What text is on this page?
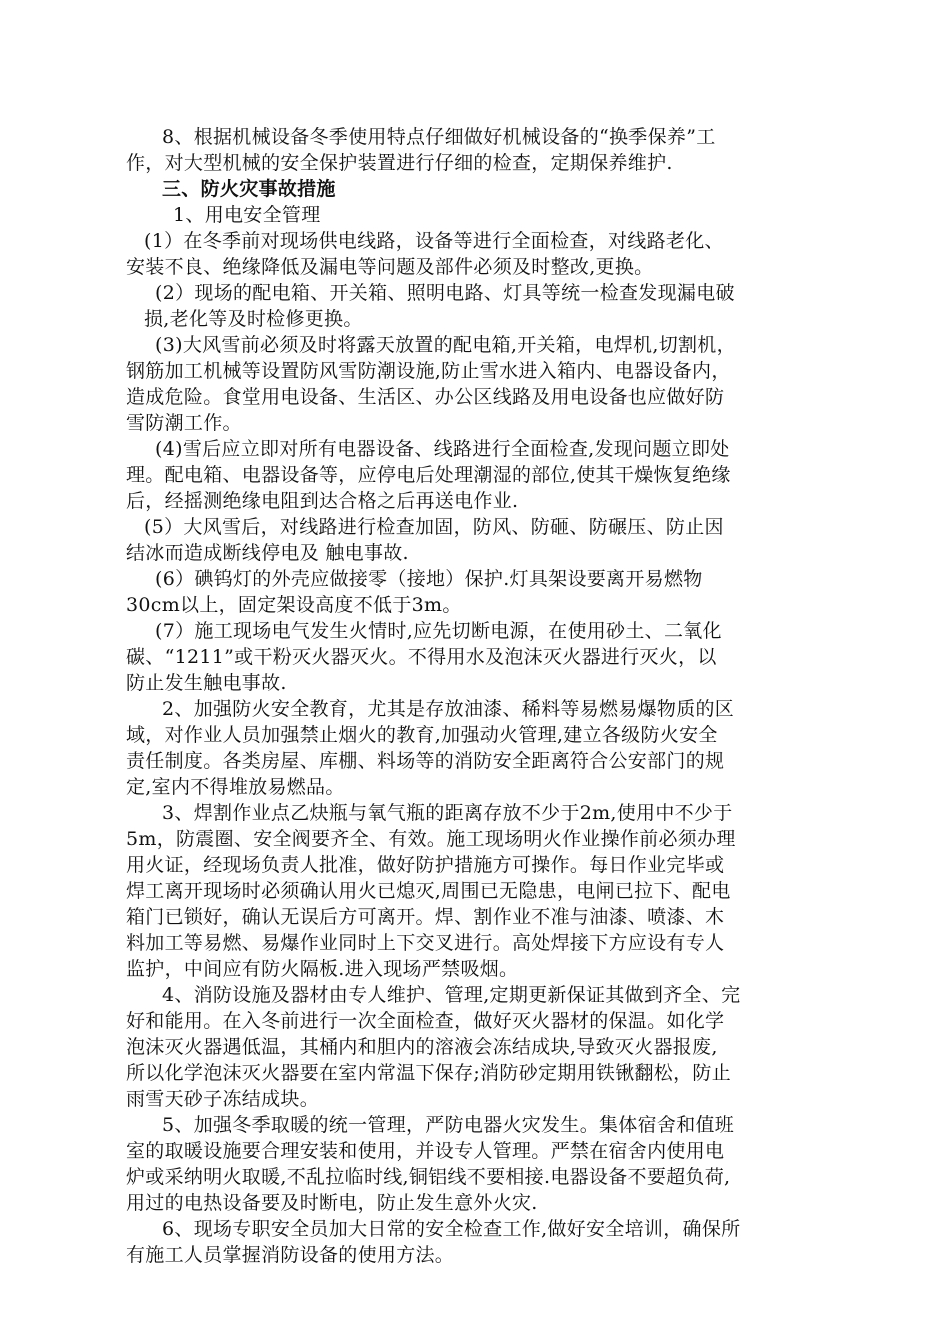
8、根据机械设备冬季使用特点仔细做好机械设备的“换季保养”工

作，对大型机械的安全保护装置进行仔细的检查，定期保养维护.

三、防火灾事故措施

1、用电安全管理

(1）在冬季前对现场供电线路，设备等进行全面检查，对线路老化、

安装不良、绝缘降低及漏电等问题及部件必须及时整改,更换。

(2）现场的配电箱、开关箱、照明电路、灯具等统一检查发现漏电破

损,老化等及时检修更换。

(3)大风雪前必须及时将露天放置的配电箱,开关箱，电焊机,切割机，

钢筋加工机械等设置防风雪防潮设施,防止雪水进入箱内、电器设备内，

造成危险。食堂用电设备、生活区、办公区线路及用电设备也应做好防

雪防潮工作。

(4)雪后应立即对所有电器设备、线路进行全面检查,发现问题立即处

理。配电箱、电器设备等，应停电后处理潮湿的部位,使其干燥恢复绝缘

后，经摇测绝缘电阻到达合格之后再送电作业.

(5）大风雪后，对线路进行检查加固，防风、防砸、防碾压、防止因

结冰而造成断线停电及 触电事故.

(6）碘钨灯的外壳应做接零（接地）保护.灯具架设要离开易燃物

30cm以上，固定架设高度不低于3m。

(7）施工现场电气发生火情时,应先切断电源，在使用砂土、二氧化

碳、“1211”或干粉灭火器灭火。不得用水及泡沫灭火器进行灭火，以

防止发生触电事故.

2、加强防火安全教育，尤其是存放油漆、稀料等易燃易爆物质的区

域，对作业人员加强禁止烟火的教育,加强动火管理,建立各级防火安全

责任制度。各类房屋、库棚、料场等的消防安全距离符合公安部门的规

定,室内不得堆放易燃品。

3、焊割作业点乙炔瓶与氧气瓶的距离存放不少于2m,使用中不少于

5m，防震圈、安全阀要齐全、有效。施工现场明火作业操作前必须办理

用火证，经现场负责人批准，做好防护措施方可操作。每日作业完毕或

焊工离开现场时必须确认用火已熄灭,周围已无隐患，电闸已拉下、配电

箱门已锁好，确认无误后方可离开。焊、割作业不准与油漆、喷漆、木

料加工等易燃、易爆作业同时上下交叉进行。高处焊接下方应设有专人

监护，中间应有防火隔板.进入现场严禁吸烟。

4、消防设施及器材由专人维护、管理,定期更新保证其做到齐全、完

好和能用。在入冬前进行一次全面检查，做好灭火器材的保温。如化学

泡沫灭火器遇低温，其桶内和胆内的溶液会冻结成块,导致灭火器报废,

所以化学泡沫灭火器要在室内常温下保存;消防砂定期用铁锹翻松，防止

雨雪天砂子冻结成块。

5、加强冬季取暖的统一管理，严防电器火灾发生。集体宿舍和值班

室的取暖设施要合理安装和使用，并设专人管理。严禁在宿舍内使用电

炉或采纳明火取暖,不乱拉临时线,铜铝线不要相接.电器设备不要超负荷,

用过的电热设备要及时断电，防止发生意外火灾.

6、现场专职安全员加大日常的安全检查工作,做好安全培训，确保所

有施工人员掌握消防设备的使用方法。
